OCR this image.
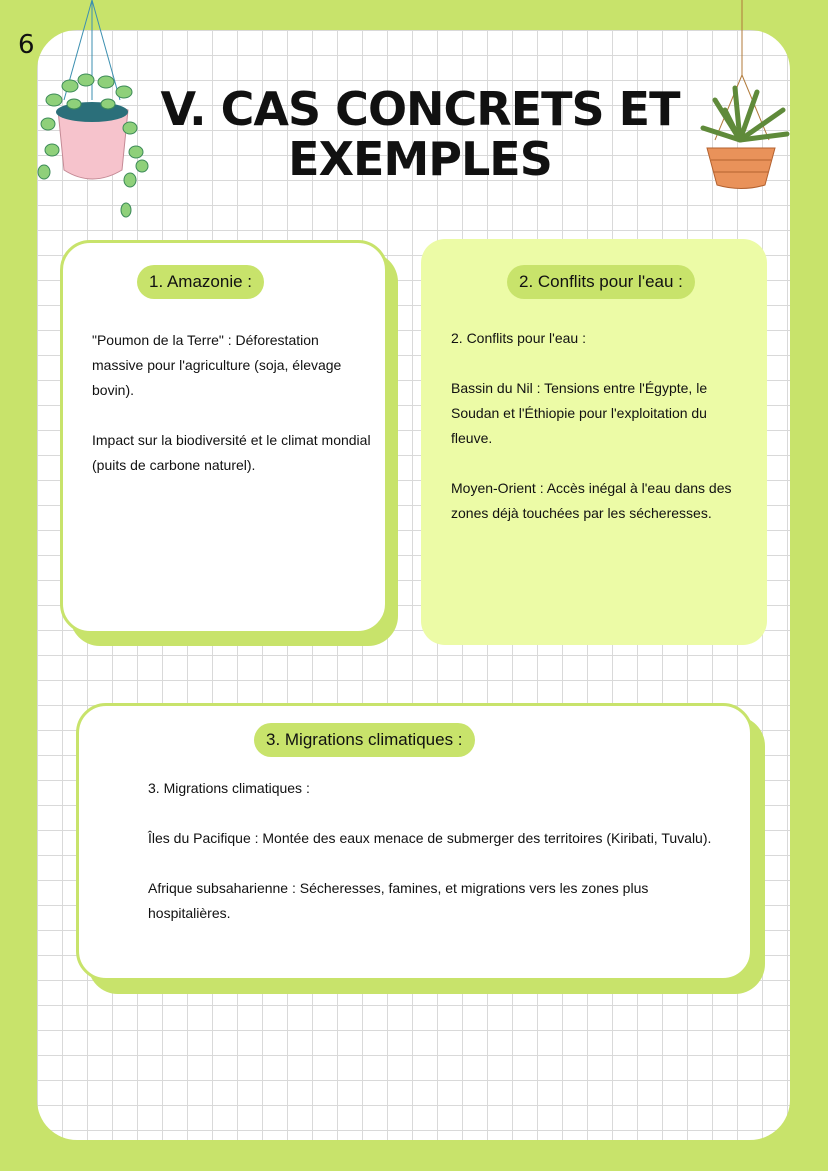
6
V. CAS CONCRETS ET
EXEMPLES
1. Amazonie :

"Poumon de la Terre" : Déforestation massive pour l'agriculture (soja, élevage bovin).

Impact sur la biodiversité et le climat mondial (puits de carbone naturel).

2. Conflits pour l'eau :

2. Conflits pour l'eau :

Bassin du Nil : Tensions entre l'Égypte, le Soudan et l'Éthiopie pour l'exploitation du fleuve.

Moyen-Orient : Accès inégal à l'eau dans des zones déjà touchées par les sécheresses.

3. Migrations climatiques :

3. Migrations climatiques :

Îles du Pacifique : Montée des eaux menace de submerger des territoires (Kiribati, Tuvalu).

Afrique subsaharienne : Sécheresses, famines, et migrations vers les zones plus hospitalières.
